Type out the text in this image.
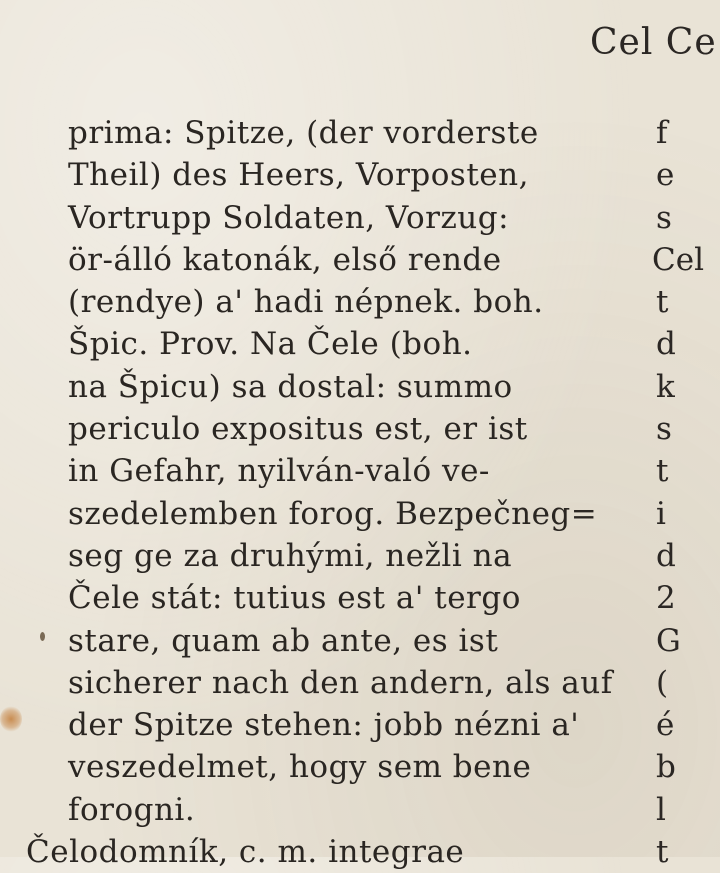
Cel Ce
prima: Spitze, (der vorderste
Theil) des Heers, Vorposten,
Vortrupp Soldaten, Vorzug:
ör-álló katonák, első rende
(rendye) a' hadi népnek. boh.
Špic. Prov. Na Čele (boh.
na Špicu) sa dostal: summo
periculo expositus est, er ist
in Gefahr, nyilván-való ve-
szedelemben forog. Bezpečneg=
seg ge za druhými, nežli na
Čele stát: tutius est a' tergo
stare, quam ab ante, es ist
sicherer nach den andern, als auf
der Spitze stehen: jobb nézni a'
veszedelmet, hogy sem bene
forogni.
Čelodomník, c. m. integrae
f
e
s
Cel
t
d
k
s
t
i
d
2
G
(
é
b
l
t
